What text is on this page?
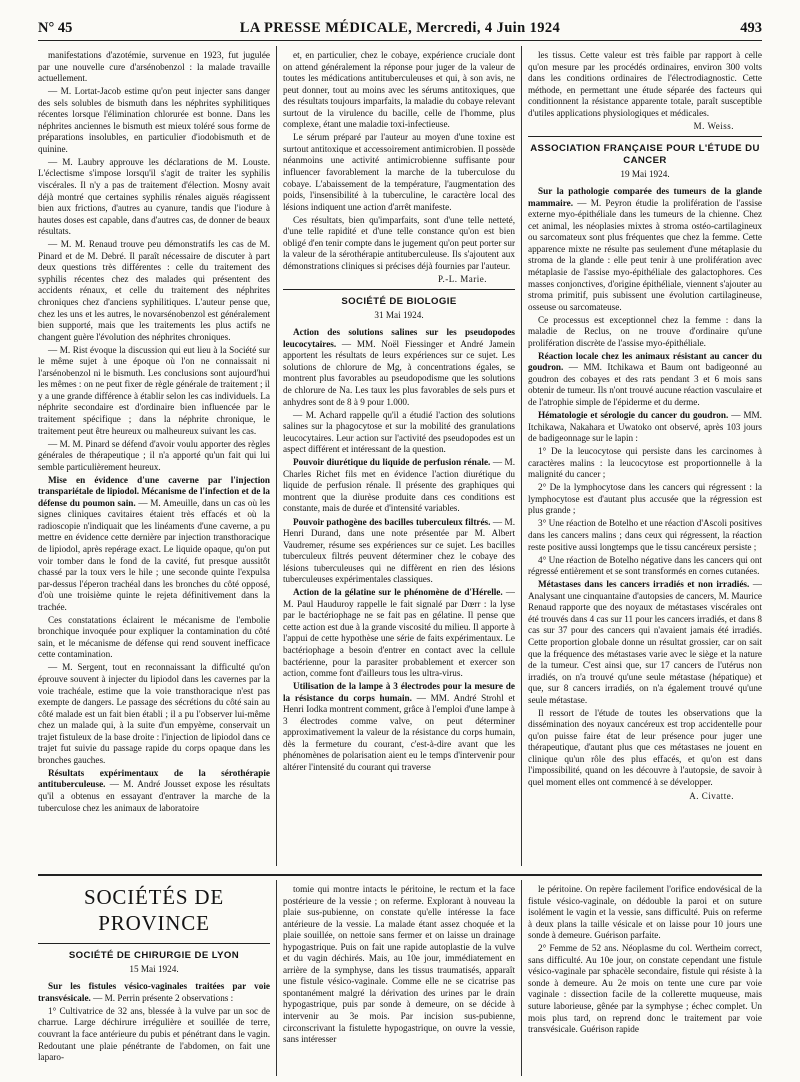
N° 45	LA PRESSE MÉDICALE, Mercredi, 4 Juin 1924	493

manifestations d'azotémie, survenue en 1923, fut jugulée par une nouvelle cure d'arsénobenzol : la malade travaille actuellement.

— M. Lortat-Jacob estime qu'on peut injecter sans danger des sels solubles de bismuth dans les néphrites syphilitiques récentes lorsque l'élimination chlorurée est bonne. Dans les néphrites anciennes le bismuth est mieux toléré sous forme de préparations insolubles, en particulier d'iodobismuth et de quinine.

— M. Laubry approuve les déclarations de M. Louste. L'éclectisme s'impose lorsqu'il s'agit de traiter les syphilis viscérales. Il n'y a pas de traitement d'élection. Mosny avait déjà montré que certaines syphilis rénales aiguës réagissent bien aux frictions, d'autres au cyanure, tandis que l'iodure à hautes doses est capable, dans d'autres cas, de donner de beaux résultats.

— M. M. Renaud trouve peu démonstratifs les cas de M. Pinard et de M. Debré. Il paraît nécessaire de discuter à part deux questions très différentes : celle du traitement des syphilis récentes chez des malades qui présentent des accidents rénaux, et celle du traitement des néphrites chroniques chez d'anciens syphilitiques. L'auteur pense que, chez les uns et les autres, le novarsénobenzol est généralement bien supporté, mais que les traitements les plus actifs ne changent guère l'évolution des néphrites chroniques.

— M. Rist évoque la discussion qui eut lieu à la Société sur le même sujet à une époque où l'on ne connaissait ni l'arsénobenzol ni le bismuth. Les conclusions sont aujourd'hui les mêmes : on ne peut fixer de règle générale de traitement ; il y a une grande différence à établir selon les cas individuels. La néphrite secondaire est d'ordinaire bien influencée par le traitement spécifique ; dans la néphrite chronique, le traitement peut être heureux ou malheureux suivant les cas.

— M. M. Pinard se défend d'avoir voulu apporter des règles générales de thérapeutique ; il n'a apporté qu'un fait qui lui semble particulièrement heureux.

Mise en évidence d'une caverne par l'injection transpariétale de lipiodol. Mécanisme de l'infection et de la défense du poumon sain. — M. Ameuille, dans un cas où les signes cliniques cavitaires étaient très effacés et où la radioscopie n'indiquait que les linéaments d'une caverne, a pu mettre en évidence cette dernière par injection transthoracique de lipiodol, après repérage exact. Le liquide opaque, qu'on put voir tomber dans le fond de la cavité, fut presque aussitôt chassé par la toux vers le hile ; une seconde quinte l'expulsa par-dessus l'éperon trachéal dans les bronches du côté opposé, d'où une troisième quinte le rejeta définitivement dans la trachée.

Ces constatations éclairent le mécanisme de l'embolie bronchique invoquée pour expliquer la contamination du côté sain, et le mécanisme de défense qui rend souvent inefficace cette contamination.

— M. Sergent, tout en reconnaissant la difficulté qu'on éprouve souvent à injecter du lipiodol dans les cavernes par la voie trachéale, estime que la voie transthoracique n'est pas exempte de dangers. Le passage des sécrétions du côté sain au côté malade est un fait bien établi ; il a pu l'observer lui-même chez un malade qui, à la suite d'un empyème, conservait un trajet fistuleux de la base droite : l'injection de lipiodol dans ce trajet fut suivie du passage rapide du corps opaque dans les bronches gauches.

Résultats expérimentaux de la sérothérapie antituberculeuse. — M. André Jousset expose les résultats qu'il a obtenus en essayant d'entraver la marche de la tuberculose chez les animaux de laboratoire

et, en particulier, chez le cobaye, expérience cruciale dont on attend généralement la réponse pour juger de la valeur de toutes les médications antituberculeuses et qui, à son avis, ne peut donner, tout au moins avec les sérums antitoxiques, que des résultats toujours imparfaits, la maladie du cobaye relevant surtout de la virulence du bacille, celle de l'homme, plus complexe, étant une maladie toxi-infectieuse.

Le sérum préparé par l'auteur au moyen d'une toxine est surtout antitoxique et accessoirement antimicrobien. Il possède néanmoins une activité antimicrobienne suffisante pour influencer favorablement la marche de la tuberculose du cobaye. L'abaissement de la température, l'augmentation des poids, l'insensibilité à la tuberculine, le caractère local des lésions indiquent une action d'arrêt manifeste.

Ces résultats, bien qu'imparfaits, sont d'une telle netteté, d'une telle rapidité et d'une telle constance qu'on est bien obligé d'en tenir compte dans le jugement qu'on peut porter sur la valeur de la sérothérapie antituberculeuse. Ils s'ajoutent aux démonstrations cliniques si précises déjà fournies par l'auteur.

P.-L. Marie.
SOCIÉTÉ DE BIOLOGIE
31 Mai 1924.

Action des solutions salines sur les pseudopodes leucocytaires. — MM. Noël Fiessinger et André Jamein apportent les résultats de leurs expériences sur ce sujet. Les solutions de chlorure de Mg, à concentrations égales, se montrent plus favorables au pseudopodisme que les solutions de chlorure de Na. Les taux les plus favorables de sels purs et anhydres sont de 8 à 9 pour 1.000.

— M. Achard rappelle qu'il a étudié l'action des solutions salines sur la phagocytose et sur la mobilité des granulations leucocytaires. Leur action sur l'activité des pseudopodes est un aspect différent et intéressant de la question.

Pouvoir diurétique du liquide de perfusion rénale. — M. Charles Richet fils met en évidence l'action diurétique du liquide de perfusion rénale. Il présente des graphiques qui montrent que la diurèse produite dans ces conditions est constante, mais de durée et d'intensité variables.

Pouvoir pathogène des bacilles tuberculeux filtrés. — M. Henri Durand, dans une note présentée par M. Albert Vaudremer, résume ses expériences sur ce sujet. Les bacilles tuberculeux filtrés peuvent déterminer chez le cobaye des lésions tuberculeuses qui ne diffèrent en rien des lésions tuberculeuses expérimentales classiques.

Action de la gélatine sur le phénomène de d'Hérelle. — M. Paul Hauduroy rappelle le fait signalé par Dœrr : la lyse par le bactériophage ne se fait pas en gélatine. Il pense que cette action est due à la grande viscosité du milieu. Il apporte à l'appui de cette hypothèse une série de faits expérimentaux. Le bactériophage a besoin d'entrer en contact avec la cellule bactérienne, pour la parasiter probablement et exercer son action, comme font d'ailleurs tous les ultra-virus.

Utilisation de la lampe à 3 électrodes pour la mesure de la résistance du corps humain. — MM. André Strohl et Henri Iodka montrent comment, grâce à l'emploi d'une lampe à 3 électrodes comme valve, on peut déterminer approximativement la valeur de la résistance du corps humain, dès la fermeture du courant, c'est-à-dire avant que les phénomènes de polarisation aient eu le temps d'intervenir pour altérer l'intensité du courant qui traverse

les tissus. Cette valeur est très faible par rapport à celle qu'on mesure par les procédés ordinaires, environ 300 volts dans les conditions ordinaires de l'électrodiagnostic. Cette méthode, en permettant une étude séparée des facteurs qui conditionnent la résistance apparente totale, paraît susceptible d'utiles applications physiologiques et médicales.

M. Weiss.
ASSOCIATION FRANÇAISE POUR L'ÉTUDE DU CANCER
19 Mai 1924.

Sur la pathologie comparée des tumeurs de la glande mammaire. — M. Peyron étudie la prolifération de l'assise externe myo-épithéliale dans les tumeurs de la chienne. Chez cet animal, les néoplasies mixtes à stroma ostéo-cartilagineux ou sarcomateux sont plus fréquentes que chez la femme. Cette apparence mixte ne résulte pas seulement d'une métaplasie du stroma de la glande : elle peut tenir à une prolifération avec métaplasie de l'assise myo-épithéliale des galactophores. Ces masses conjonctives, d'origine épithéliale, viennent s'ajouter au stroma primitif, puis subissent une évolution cartilagineuse, osseuse ou sarcomateuse.

Ce processus est exceptionnel chez la femme : dans la maladie de Reclus, on ne trouve d'ordinaire qu'une prolifération discrète de l'assise myo-épithéliale.

Réaction locale chez les animaux résistant au cancer du goudron. — MM. Itchikawa et Baum ont badigeonné au goudron des cobayes et des rats pendant 3 et 6 mois sans obtenir de tumeur. Ils n'ont trouvé aucune réaction vasculaire et de l'atrophie simple de l'épiderme et du derme.

Hématologie et sérologie du cancer du goudron. — MM. Itchikawa, Nakahara et Uwatoko ont observé, après 103 jours de badigeonnage sur le lapin :

1° De la leucocytose qui persiste dans les carcinomes à caractères malins : la leucocytose est proportionnelle à la malignité du cancer ;

2° De la lymphocytose dans les cancers qui régressent : la lymphocytose est d'autant plus accusée que la régression est plus grande ;

3° Une réaction de Botelho et une réaction d'Ascoli positives dans les cancers malins ; dans ceux qui régressent, la réaction reste positive aussi longtemps que le tissu cancéreux persiste ;

4° Une réaction de Botelho négative dans les cancers qui ont régressé entièrement et se sont transformés en cornes cutanées.

Métastases dans les cancers irradiés et non irradiés. — Analysant une cinquantaine d'autopsies de cancers, M. Maurice Renaud rapporte que des noyaux de métastases viscérales ont été trouvés dans 4 cas sur 11 pour les cancers irradiés, et dans 8 cas sur 37 pour des cancers qui n'avaient jamais été irradiés. Cette proportion globale donne un résultat grossier, car on sait que la fréquence des métastases varie avec le siège et la nature de la tumeur. C'est ainsi que, sur 17 cancers de l'utérus non irradiés, on n'a trouvé qu'une seule métastase (hépatique) et que, sur 8 cancers irradiés, on n'a également trouvé qu'une seule métastase.

Il ressort de l'étude de toutes les observations que la dissémination des noyaux cancéreux est trop accidentelle pour qu'on puisse faire état de leur présence pour juger une thérapeutique, d'autant plus que ces métastases ne jouent en clinique qu'un rôle des plus effacés, et qu'on est dans l'impossibilité, quand on les découvre à l'autopsie, de savoir à quel moment elles ont commencé à se développer.

A. Civatte.
SOCIÉTÉS DE PROVINCE
SOCIÉTÉ DE CHIRURGIE DE LYON
15 Mai 1924.

Sur les fistules vésico-vaginales traitées par voie transvésicale. — M. Perrin présente 2 observations :

1° Cultivatrice de 32 ans, blessée à la vulve par un soc de charrue. Large déchirure irrégulière et souillée de terre, couvrant la face antérieure du pubis et pénétrant dans le vagin. Redoutant une plaie pénétrante de l'abdomen, on fait une laparo-

tomie qui montre intacts le péritoine, le rectum et la face postérieure de la vessie ; on referme. Explorant à nouveau la plaie sus-pubienne, on constate qu'elle intéresse la face antérieure de la vessie. La malade étant assez choquée et la plaie souillée, on nettoie sans fermer et on laisse un drainage hypogastrique. Puis on fait une rapide autoplastie de la vulve et du vagin déchirés. Mais, au 10e jour, immédiatement en arrière de la symphyse, dans les tissus traumatisés, apparaît une fistule vésico-vaginale. Comme elle ne se cicatrise pas spontanément malgré la dérivation des urines par le drain hypogastrique, puis par sonde à demeure, on se décide à intervenir au 3e mois. Par incision sus-pubienne, circonscrivant la fistulette hypogastrique, on ouvre la vessie, sans intéresser

le péritoine. On repère facilement l'orifice endovésical de la fistule vésico-vaginale, on dédouble la paroi et on suture isolément le vagin et la vessie, sans difficulté. Puis on referme à deux plans la taille vésicale et on laisse pour 10 jours une sonde à demeure. Guérison parfaite.

2° Femme de 52 ans. Néoplasme du col. Wertheim correct, sans difficulté. Au 10e jour, on constate cependant une fistule vésico-vaginale par sphacèle secondaire, fistule qui résiste à la sonde à demeure. Au 2e mois on tente une cure par voie vaginale : dissection facile de la collerette muqueuse, mais suture laborieuse, gênée par la symphyse ; échec complet. Un mois plus tard, on reprend donc le traitement par voie transvésicale. Guérison rapide
